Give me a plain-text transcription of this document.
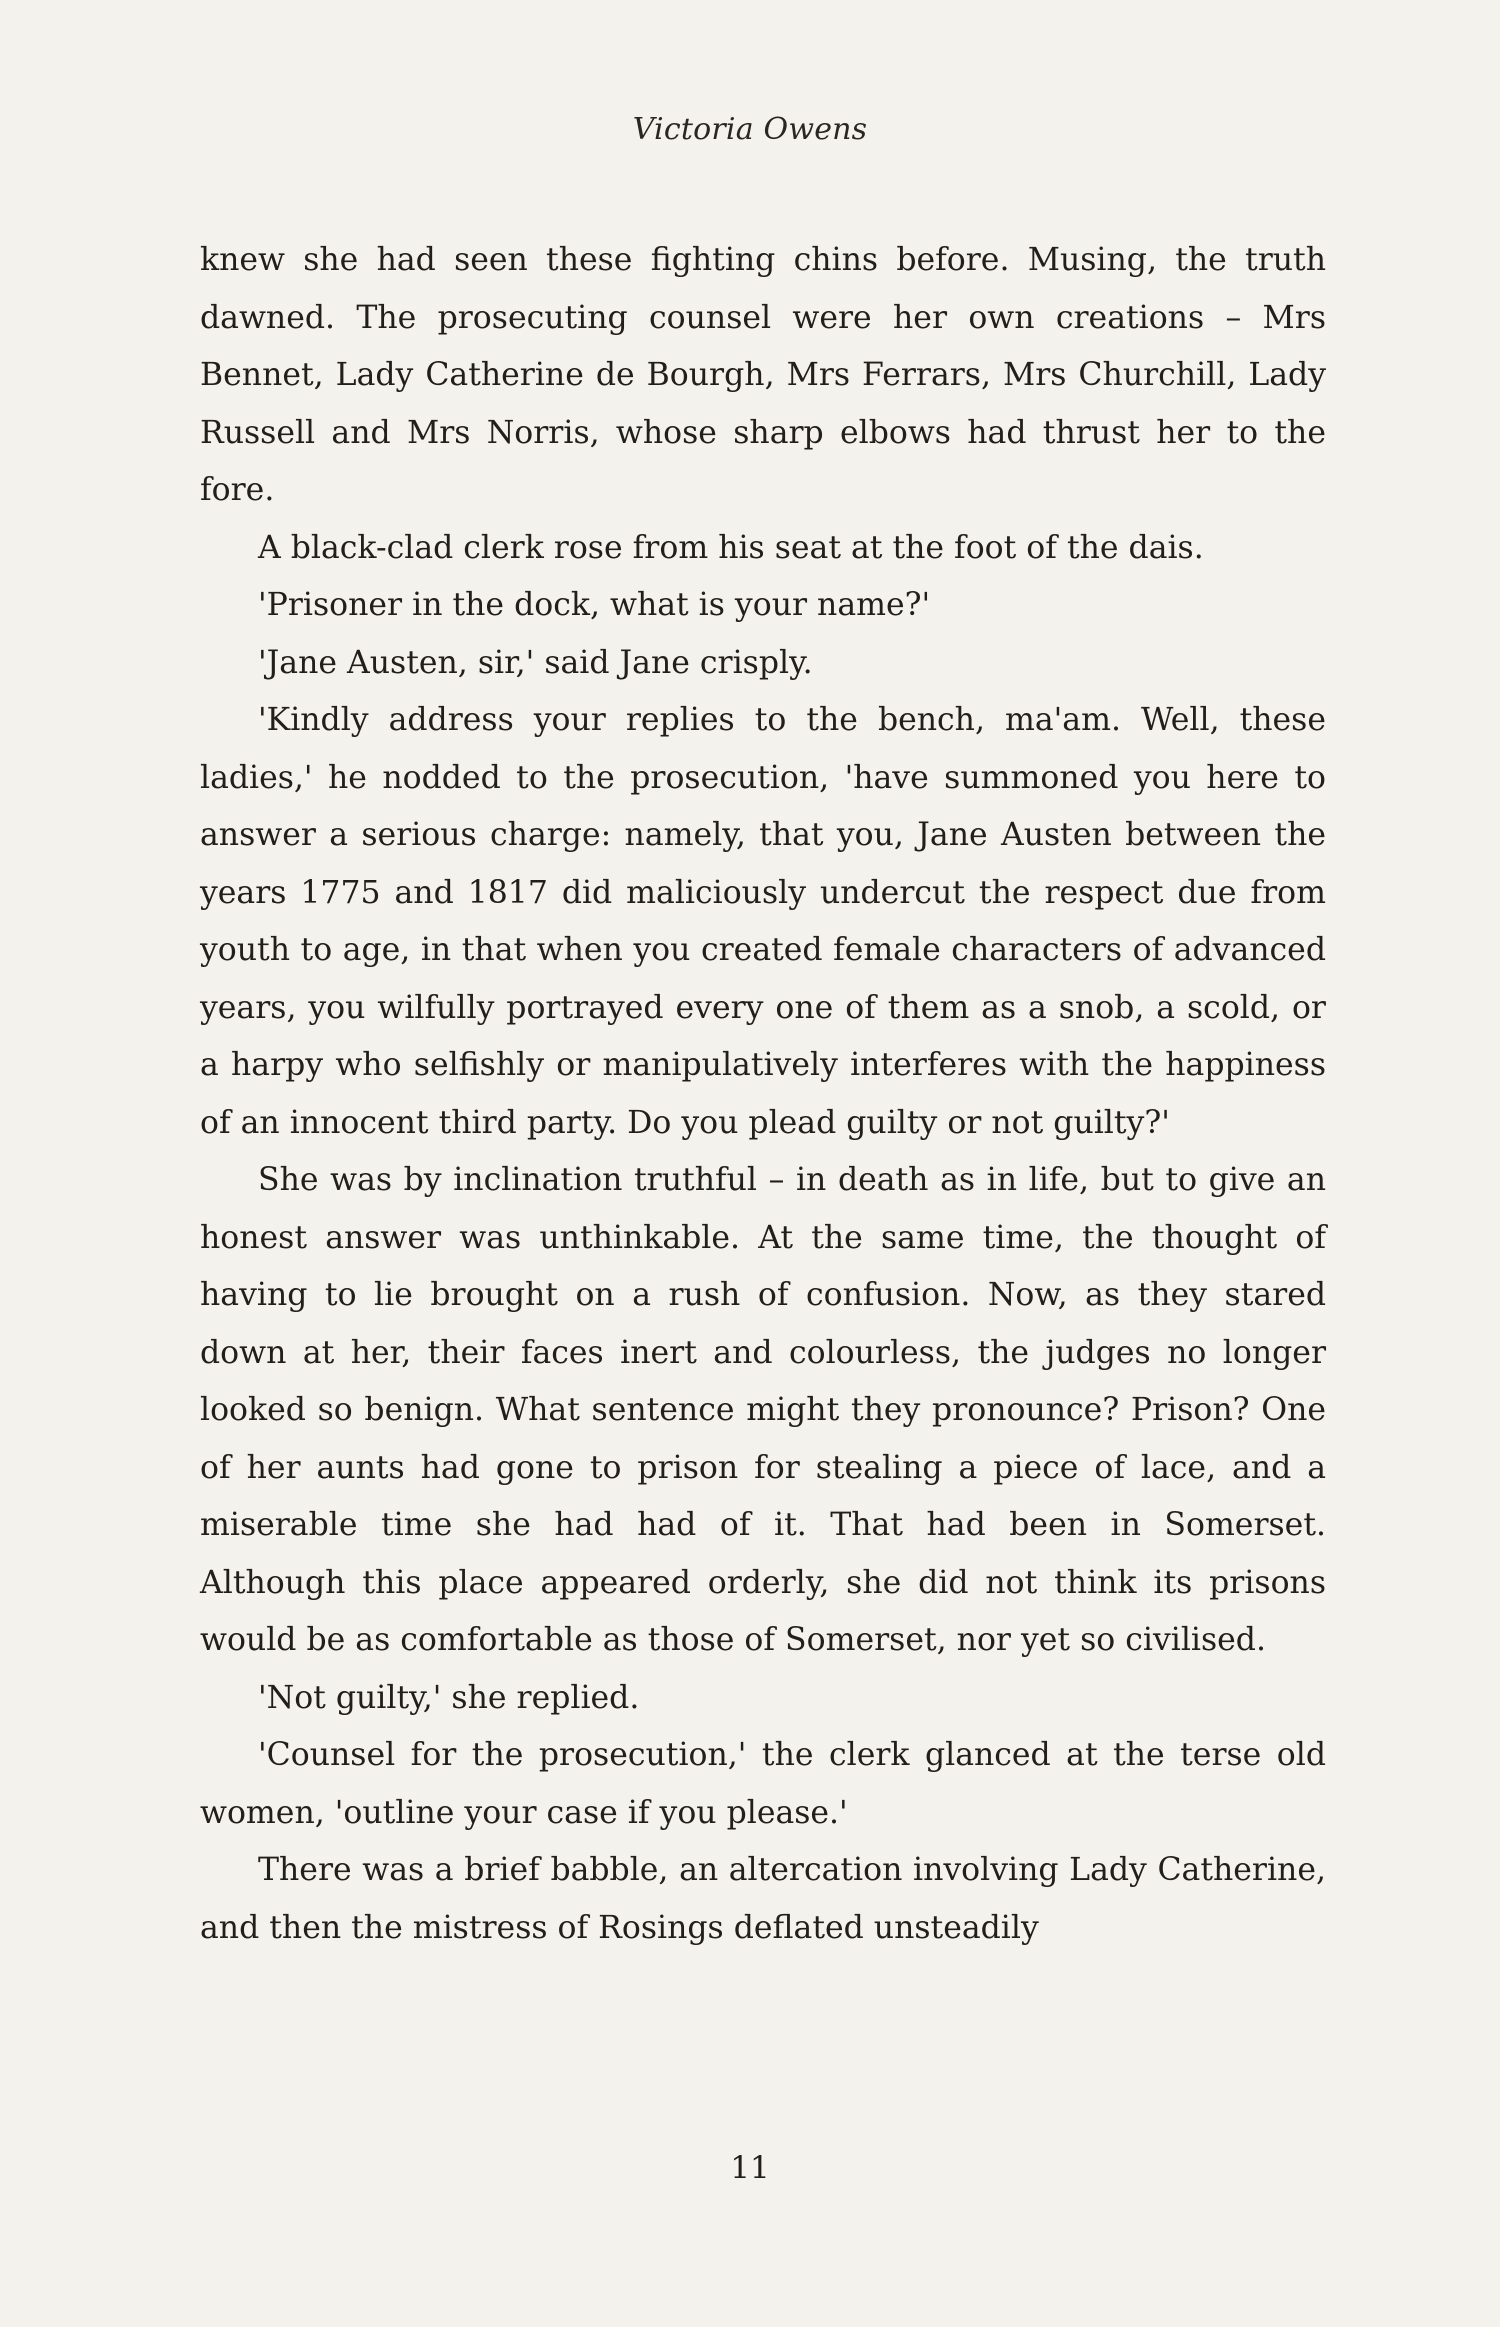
Victoria Owens

knew she had seen these fighting chins before. Musing, the truth dawned. The prosecuting counsel were her own creations – Mrs Bennet, Lady Catherine de Bourgh, Mrs Ferrars, Mrs Churchill, Lady Russell and Mrs Norris, whose sharp elbows had thrust her to the fore.

A black-clad clerk rose from his seat at the foot of the dais.

'Prisoner in the dock, what is your name?'

'Jane Austen, sir,' said Jane crisply.

'Kindly address your replies to the bench, ma'am. Well, these ladies,' he nodded to the prosecution, 'have summoned you here to answer a serious charge: namely, that you, Jane Austen between the years 1775 and 1817 did maliciously undercut the respect due from youth to age, in that when you created female characters of advanced years, you wilfully portrayed every one of them as a snob, a scold, or a harpy who selfishly or manipulatively interferes with the happiness of an innocent third party. Do you plead guilty or not guilty?'

She was by inclination truthful – in death as in life, but to give an honest answer was unthinkable. At the same time, the thought of having to lie brought on a rush of confusion. Now, as they stared down at her, their faces inert and colourless, the judges no longer looked so benign. What sentence might they pronounce? Prison? One of her aunts had gone to prison for stealing a piece of lace, and a miserable time she had had of it. That had been in Somerset. Although this place appeared orderly, she did not think its prisons would be as comfortable as those of Somerset, nor yet so civilised.

'Not guilty,' she replied.

'Counsel for the prosecution,' the clerk glanced at the terse old women, 'outline your case if you please.'

There was a brief babble, an altercation involving Lady Catherine, and then the mistress of Rosings deflated unsteadily

11
